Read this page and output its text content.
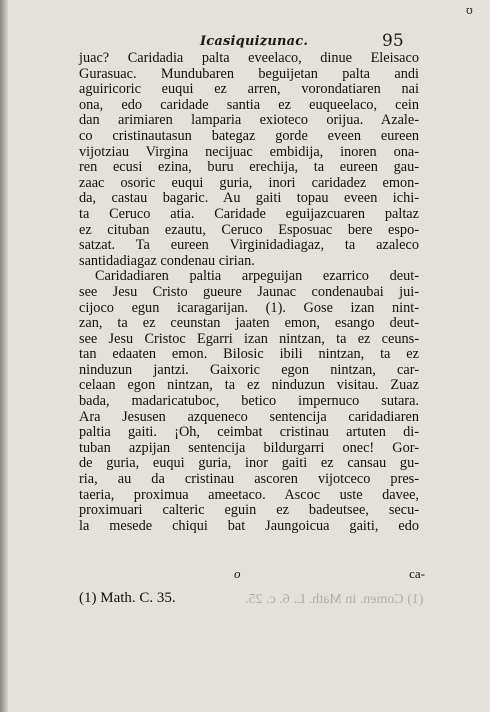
ʊ
Icasiquizunac.	95
juac? Caridadia palta eveelaco, dinue Eleisaco
Gurasuac. Mundubaren beguijetan palta andi
aguiricoric euqui ez arren, vorondatiaren nai
ona, edo caridade santia ez euqueelaco, cein
dan arimiaren lamparia exioteco orijua. Azale-
co cristinautasun bategaz gorde eveen eureen
vijotziau Virgina necijuac embidija, inoren ona-
ren ecusi ezina, buru erechija, ta eureen gau-
zaac osoric euqui guria, inori caridadez emon-
da, castau bagaric. Au gaiti topau eveen ichi-
ta Ceruco atia. Caridade eguijazcuaren paltaz
ez cituban ezautu, Ceruco Esposuac bere espo-
satzat. Ta eureen Virginidadiagaz, ta azaleco
santidadiagaz condenau cirian.
Caridadiaren paltia arpeguijan ezarrico deut-
see Jesu Cristo gueure Jaunac condenaubai jui-
cijoco egun icaragarijan. (1). Gose izan nint-
zan, ta ez ceunstan jaaten emon, esango deut-
see Jesu Cristoc Egarri izan nintzan, ta ez ceuns-
tan edaaten emon. Bilosic ibili nintzan, ta ez
ninduzun jantzi. Gaixoric egon nintzan, car-
celaan egon nintzan, ta ez ninduzun visitau. Zuaz
bada, madaricatuboc, betico impernuco sutara.
Ara Jesusen azqueneco sentencija caridadiaren
paltia gaiti. ¡Oh, ceimbat cristinau artuten di-
tuban azpijan sentencija bildurgarri onec! Gor-
de guria, euqui guria, inor gaiti ez cansau gu-
ria, au da cristinau ascoren vijotceco pres-
taeria, proximua ameetaco. Ascoc uste davee,
proximuari calteric eguin ez badeutsee, secu-
la mesede chiqui bat Jaungoicua gaiti, edo
o	ca-
(1) Math. C. 35.	(1) Comen. in Math. L. 6. c. 25.
